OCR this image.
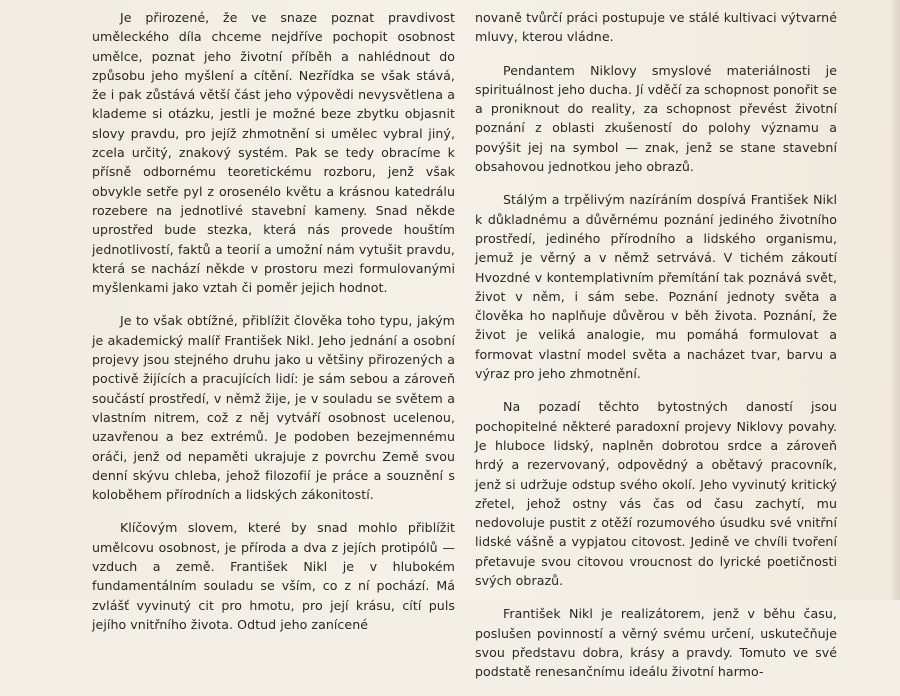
Je přirozené, že ve snaze poznat pravdivost uměleckého díla chceme nejdříve pochopit osobnost umělce, poznat jeho životní příběh a nahlédnout do způsobu jeho myšlení a cítění. Nezřídka se však stává, že i pak zůstává větší část jeho výpovědi nevysvětlena a klademe si otázku, jestli je možné beze zbytku objasnit slovy pravdu, pro jejíž zhmotnění si umělec vybral jiný, zcela určitý, znakový systém. Pak se tedy obracíme k přísně odbornému teoretickému rozboru, jenž však obvykle setře pyl z orosenélo květu a krásnou katedrálu rozebere na jednotlivé stavební kameny. Snad někde uprostřed bude stezka, která nás provede houštím jednotlivostí, faktů a teorií a umožní nám vytušit pravdu, která se nachází někde v prostoru mezi formulovanými myšlenkami jako vztah či poměr jejich hodnot.

Je to však obtížné, přiblížit člověka toho typu, jakým je akademický malíř František Nikl. Jeho jednání a osobní projevy jsou stejného druhu jako u většiny přirozených a poctivě žijících a pracujících lidí: je sám sebou a zároveň součástí prostředí, v němž žije, je v souladu se světem a vlastním nitrem, což z něj vytváří osobnost ucelenou, uzavřenou a bez extrémů. Je podoben bezejmennému oráči, jenž od nepaměti ukrajuje z povrchu Země svou denní skývu chleba, jehož filozofií je práce a souznění s koloběhem přírodních a lidských zákonitostí.

Klíčovým slovem, které by snad mohlo přiblížit umělcovu osobnost, je příroda a dva z jejích protipólů — vzduch a země. František Nikl je v hlubokém fundamentálním souladu se vším, co z ní pochází. Má zvlášť vyvinutý cit pro hmotu, pro její krásu, cítí puls jejího vnitřního života. Odtud jeho zanícené

novaně tvůrčí práci postupuje ve stálé kultivaci výtvarné mluvy, kterou vládne.

Pendantem Niklovy smyslové materiálnosti je spirituálnost jeho ducha. Jí vděčí za schopnost ponořit se a proniknout do reality, za schopnost převést životní poznání z oblasti zkušeností do polohy významu a povýšit jej na symbol — znak, jenž se stane stavební obsahovou jednotkou jeho obrazů.

Stálým a trpělivým nazíráním dospívá František Nikl k důkladnému a důvěrnému poznání jediného životního prostředí, jediného přírodního a lidského organismu, jemuž je věrný a v němž setrvává. V tichém zákoutí Hvozdné v kontemplativním přemítání tak poznává svět, život v něm, i sám sebe. Poznání jednoty světa a člověka ho naplňuje důvěrou v běh života. Poznání, že život je veliká analogie, mu pomáhá formulovat a formovat vlastní model světa a nacházet tvar, barvu a výraz pro jeho zhmotnění.

Na pozadí těchto bytostných daností jsou pochopitelné některé paradoxní projevy Niklovy povahy. Je hluboce lidský, naplněn dobrotou srdce a zároveň hrdý a rezervovaný, odpovědný a obětavý pracovník, jenž si udržuje odstup svého okolí. Jeho vyvinutý kritický zřetel, jehož ostny vás čas od času zachytí, mu nedovoluje pustit z otěží rozumového úsudku své vnitřní lidské vášně a vypjatou citovost. Jedině ve chvíli tvoření přetavuje svou citovou vroucnost do lyrické poetičnosti svých obrazů.

František Nikl je realizátorem, jenž v běhu času, poslušen povinností a věrný svému určení, uskutečňuje svou představu dobra, krásy a pravdy. Tomuto ve své podstatě renesančnímu ideálu životní harmo-
